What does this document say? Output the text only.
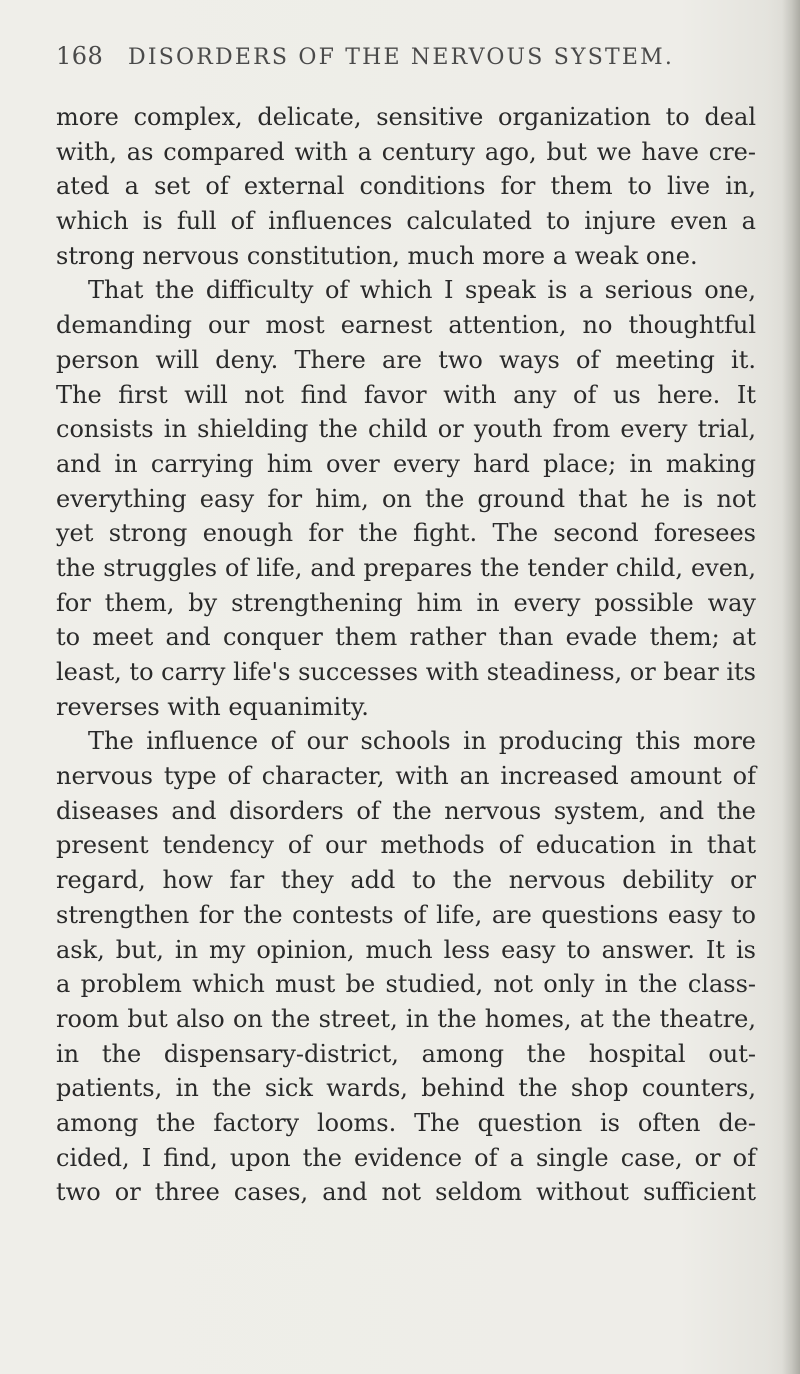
168	DISORDERS OF THE NERVOUS SYSTEM.
more complex, delicate, sensitive organization to deal
with, as compared with a century ago, but we have cre-
ated a set of external conditions for them to live in,
which is full of influences calculated to injure even a
strong nervous constitution, much more a weak one.
That the difficulty of which I speak is a serious one,
demanding our most earnest attention, no thoughtful
person will deny. There are two ways of meeting it.
The first will not find favor with any of us here. It
consists in shielding the child or youth from every trial,
and in carrying him over every hard place; in making
everything easy for him, on the ground that he is not
yet strong enough for the fight. The second foresees
the struggles of life, and prepares the tender child, even,
for them, by strengthening him in every possible way
to meet and conquer them rather than evade them; at
least, to carry life's successes with steadiness, or bear its
reverses with equanimity.
The influence of our schools in producing this more
nervous type of character, with an increased amount of
diseases and disorders of the nervous system, and the
present tendency of our methods of education in that
regard, how far they add to the nervous debility or
strengthen for the contests of life, are questions easy to
ask, but, in my opinion, much less easy to answer. It is
a problem which must be studied, not only in the class-
room but also on the street, in the homes, at the theatre,
in the dispensary-district, among the hospital out-
patients, in the sick wards, behind the shop counters,
among the factory looms. The question is often de-
cided, I find, upon the evidence of a single case, or of
two or three cases, and not seldom without sufficient
